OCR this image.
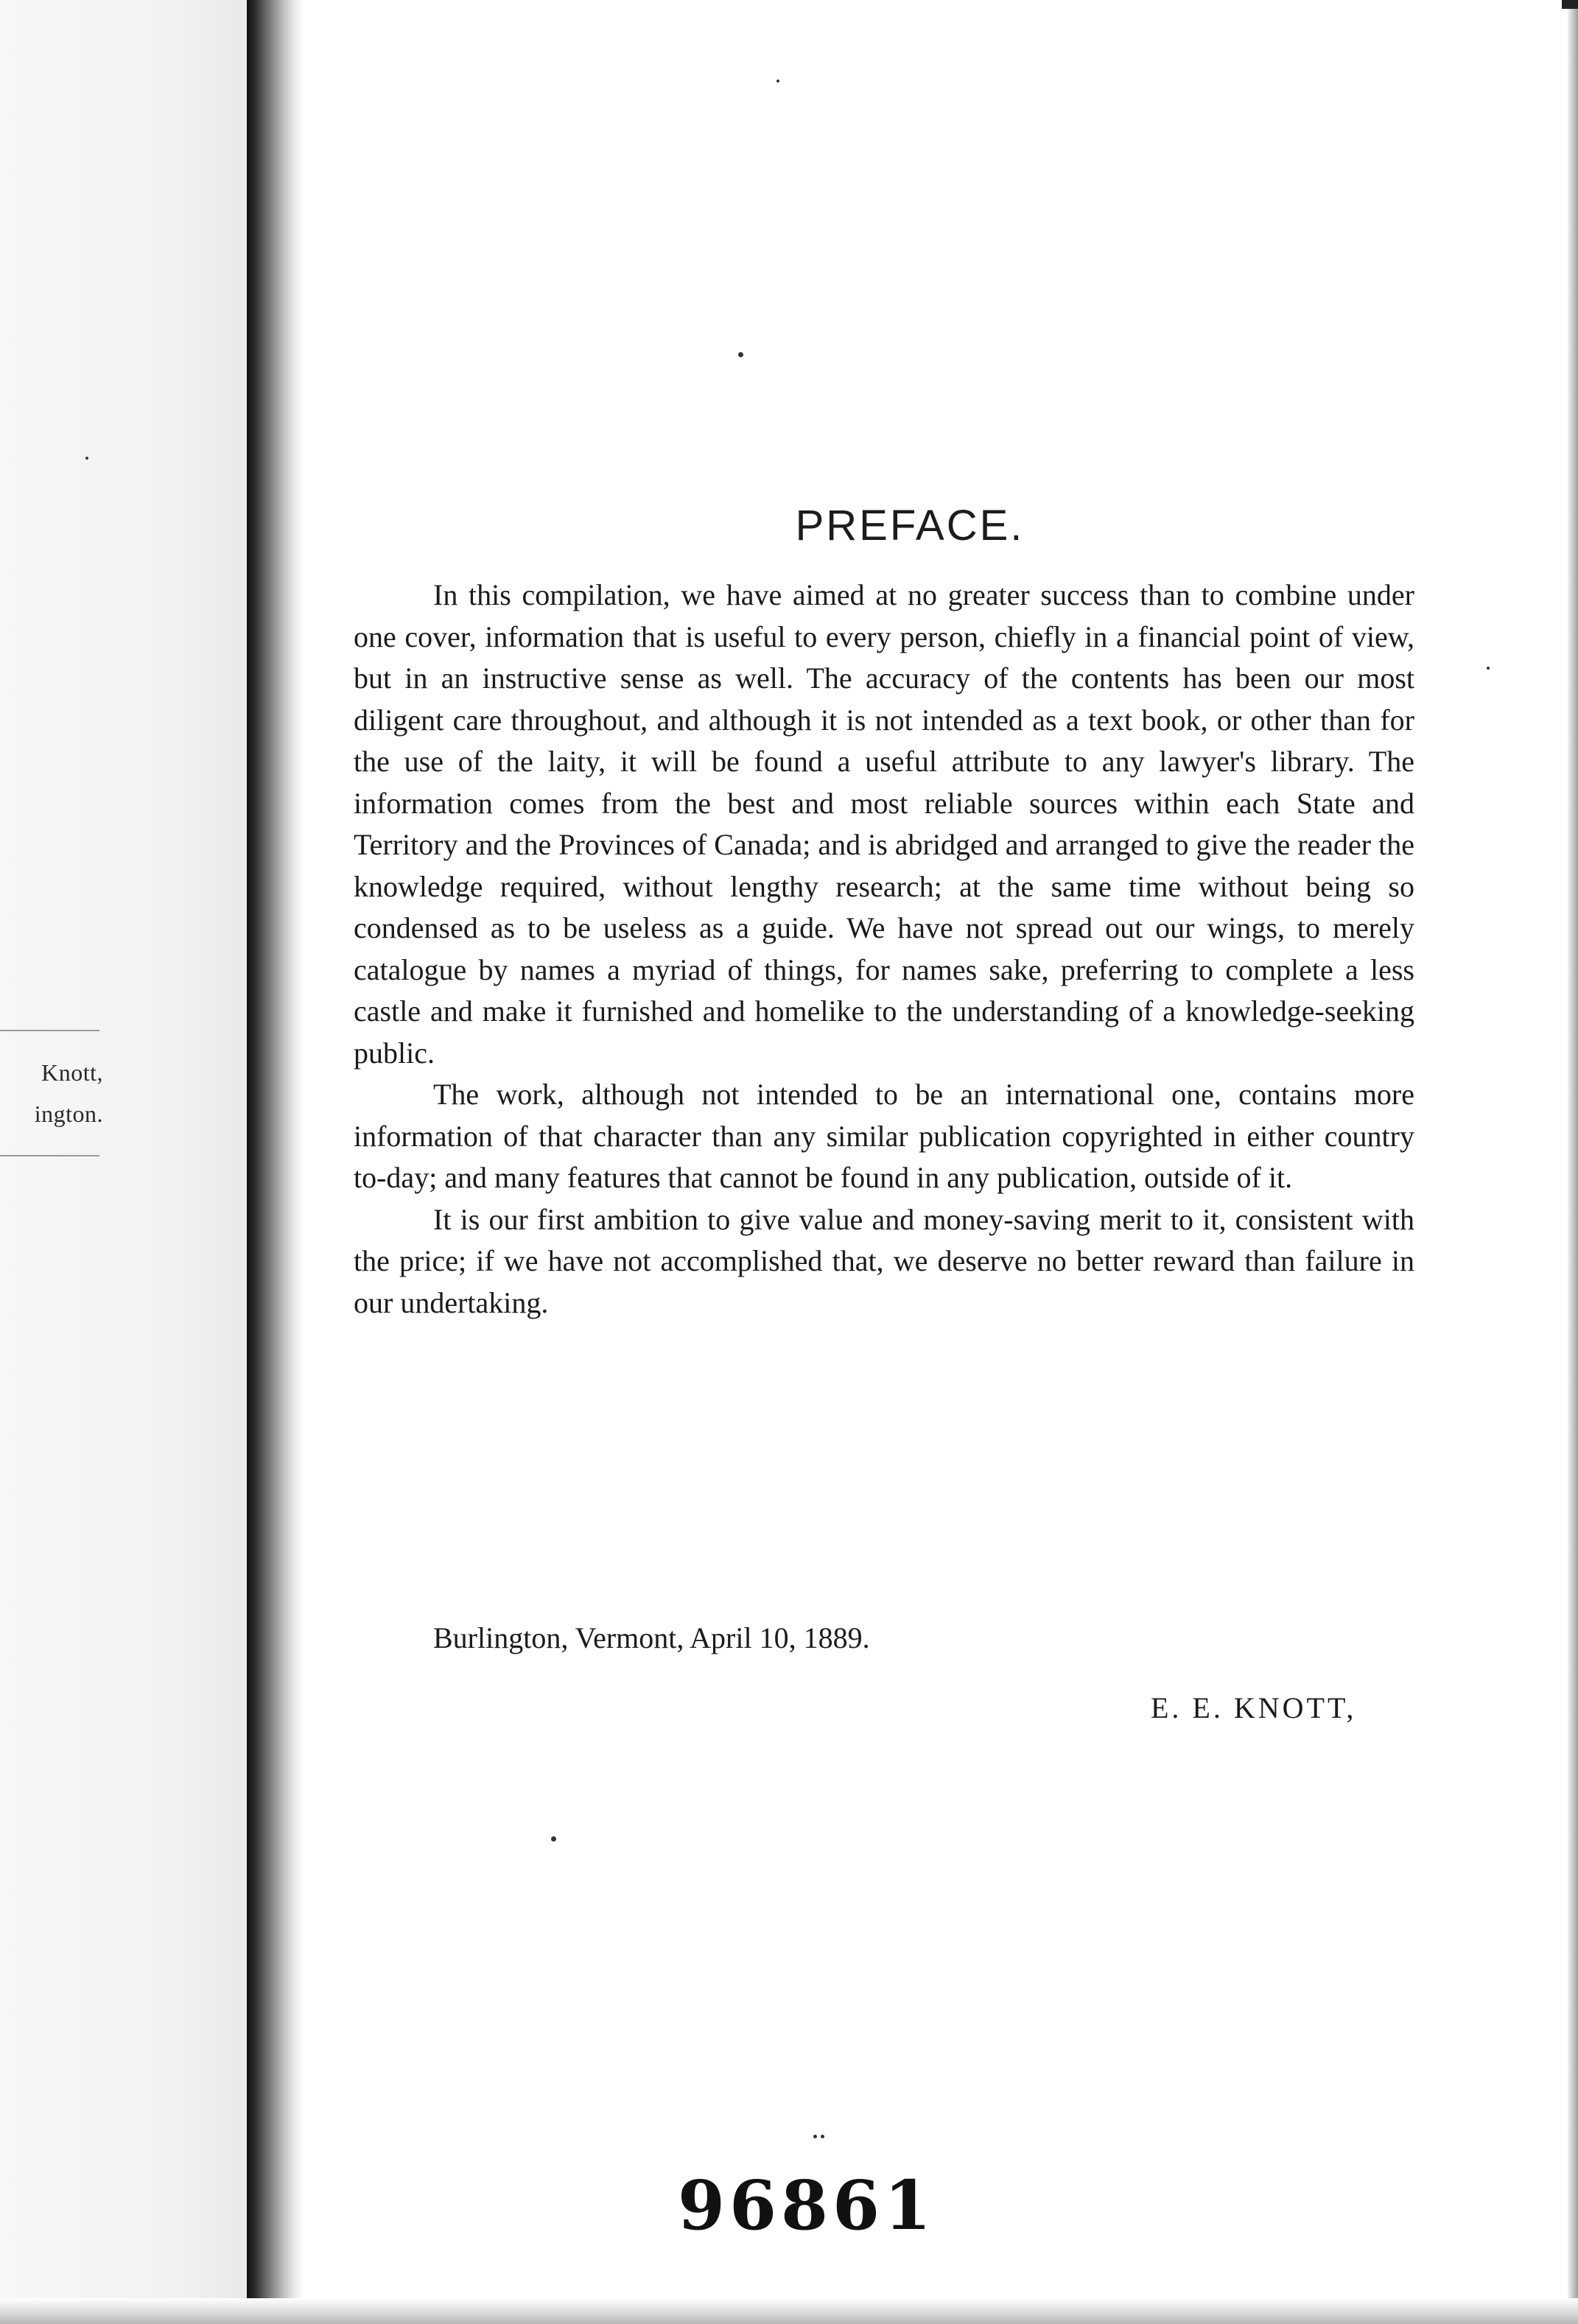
Knott,
ington.
PREFACE.

In this compilation, we have aimed at no greater success than to combine under one cover, information that is useful to every person, chiefly in a financial point of view, but in an instructive sense as well. The accuracy of the contents has been our most diligent care throughout, and although it is not intended as a text book, or other than for the use of the laity, it will be found a useful attribute to any lawyer's library. The information comes from the best and most reliable sources within each State and Territory and the Provinces of Canada; and is abridged and arranged to give the reader the knowledge required, without lengthy research; at the same time without being so condensed as to be useless as a guide. We have not spread out our wings, to merely catalogue by names a myriad of things, for names sake, preferring to complete a less castle and make it furnished and homelike to the understanding of a knowledge-seeking public.

The work, although not intended to be an international one, contains more information of that character than any similar publication copyrighted in either country to-day; and many features that cannot be found in any publication, outside of it.

It is our first ambition to give value and money-saving merit to it, consistent with the price; if we have not accomplished that, we deserve no better reward than failure in our undertaking.

Burlington, Vermont, April 10, 1889.
E. E. KNOTT,
96861
